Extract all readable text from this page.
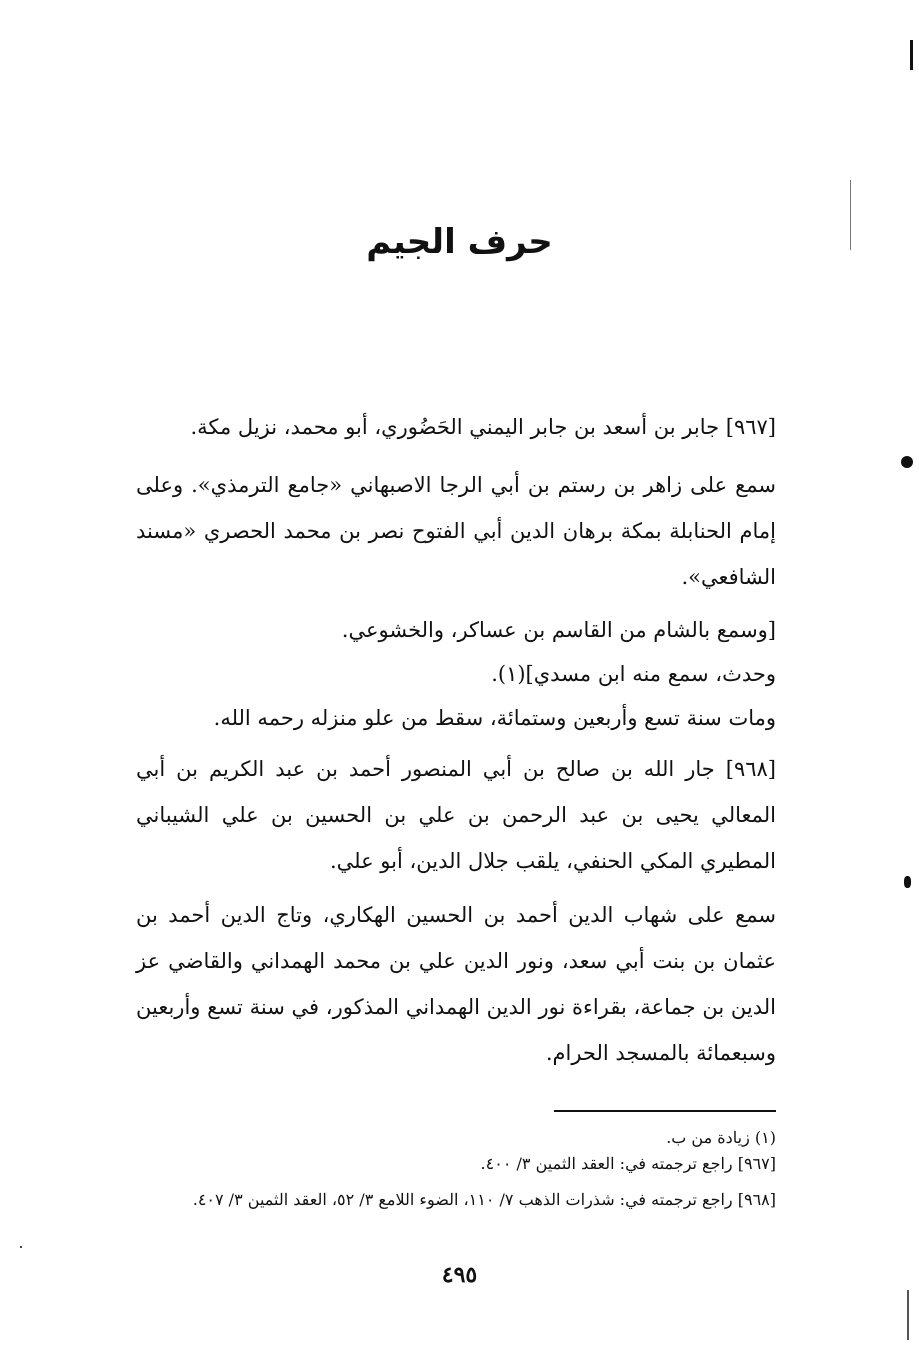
حرف الجيم

[٩٦٧] جابر بن أسعد بن جابر اليمني الحَضُوري، أبو محمد، نزيل مكة.

سمع على زاهر بن رستم بن أبي الرجا الاصبهاني «جامع الترمذي». وعلى إمام الحنابلة بمكة برهان الدين أبي الفتوح نصر بن محمد الحصري «مسند الشافعي».

[وسمع بالشام من القاسم بن عساكر، والخشوعي.
وحدث، سمع منه ابن مسدي](١).
ومات سنة تسع وأربعين وستمائة، سقط من علو منزله رحمه الله.

[٩٦٨] جار الله بن صالح بن أبي المنصور أحمد بن عبد الكريم بن أبي المعالي يحيى بن عبد الرحمن بن علي بن الحسين بن علي الشيباني المطيري المكي الحنفي، يلقب جلال الدين، أبو علي.

سمع على شهاب الدين أحمد بن الحسين الهكاري، وتاج الدين أحمد بن عثمان بن بنت أبي سعد، ونور الدين علي بن محمد الهمداني والقاضي عز الدين بن جماعة، بقراءة نور الدين الهمداني المذكور، في سنة تسع وأربعين وسبعمائة بالمسجد الحرام.

(١) زيادة من ب.
[٩٦٧] راجع ترجمته في: العقد الثمين ٣/ ٤٠٠.
[٩٦٨] راجع ترجمته في: شذرات الذهب ٧/ ١١٠، الضوء اللامع ٣/ ٥٢، العقد الثمين ٣/ ٤٠٧.
٤٩٥
